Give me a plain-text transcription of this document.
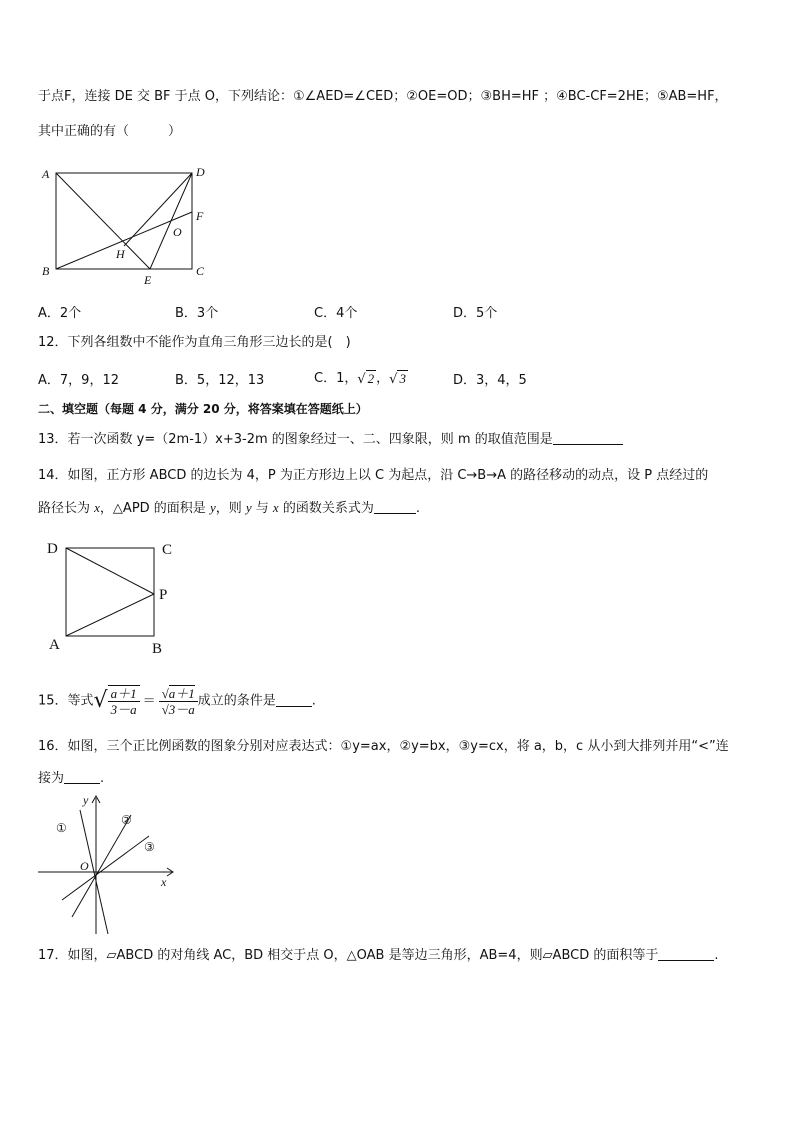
于点F，连接 DE 交 BF 于点 O，下列结论：①∠AED=∠CED；②OE=OD；③BH=HF ；④BC-CF=2HE；⑤AB=HF，
其中正确的有（　　　）
A	D
F
O
H
B
E
C
A．2个	B．3个	C．4个	D．5个
12．下列各组数中不能作为直角三角形三边长的是(　)
A．7，9，12	B．5，12，13	C．1，√ 2 ，√ 3	D．3，4，5
二、填空题（每题 4 分，满分 20 分，将答案填在答题纸上）
13．若一次函数 y=（2m-1）x+3-2m 的图象经过一、二、四象限，则 m 的取值范围是
14．如图，正方形 ABCD 的边长为 4，P 为正方形边上以 C 为起点，沿 C→B→A 的路径移动的动点，设 P 点经过的
路径长为 x，△APD 的面积是 y，则 y 与 x 的函数关系式为	.
D	C
P
A	B
15．等式√ $\frac{a+1}{3-a} = \frac{√a+1}{√3-a}$ 成立的条件是	.
16．如图，三个正比例函数的图象分别对应表达式：①y=ax，②y=bx，③y=cx，将 a，b，c 从小到大排列并用“<”连
接为	.
y
x
O
①
②
③
17．如图，▱ABCD 的对角线 AC，BD 相交于点 O，△OAB 是等边三角形，AB=4，则▱ABCD 的面积等于	.
